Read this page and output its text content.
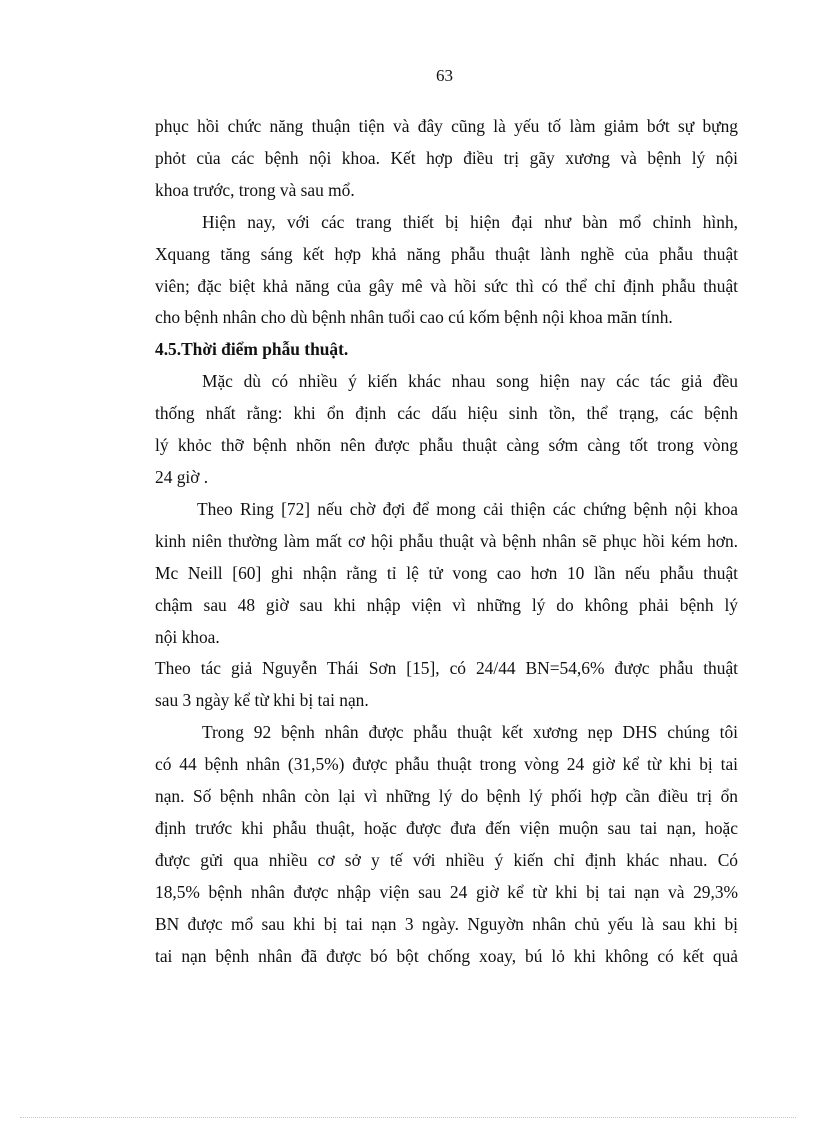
63

phục hồi chức năng thuận tiện và đây cũng là yếu tố làm giảm bớt sự bựng
phỏt của các bệnh nội khoa. Kết hợp điều trị gãy xương và bệnh lý nội
khoa trước, trong và sau mổ.

Hiện nay, với các trang thiết bị hiện đại như bàn mổ chỉnh hình,
Xquang tăng sáng kết hợp khả năng phẫu thuật lành nghề của phẫu thuật
viên; đặc biệt khả năng của gây mê và hồi sức thì có thể chỉ định phẫu thuật
cho bệnh nhân cho dù bệnh nhân tuổi cao cú kốm bệnh nội khoa mãn tính.

4.5.Thời điểm phẫu thuật.

Mặc dù có nhiều ý kiến khác nhau song hiện nay các tác giả đều
thống nhất rằng: khi ổn định các dấu hiệu sinh tồn, thể trạng, các bệnh
lý khỏc thỡ bệnh nhõn nên được phẫu thuật càng sớm càng tốt trong vòng
24 giờ .

Theo Ring [72] nếu chờ đợi để mong cải thiện các chứng bệnh nội khoa
kinh niên thường làm mất cơ hội phẫu thuật và bệnh nhân sẽ phục hồi kém hơn.
Mc Neill [60] ghi nhận rằng tỉ lệ tử vong cao hơn 10 lần nếu phẫu thuật
chậm sau 48 giờ sau khi nhập viện vì những lý do không phải bệnh lý
nội khoa.

Theo tác giả Nguyễn Thái Sơn [15], có 24/44 BN=54,6% được phẫu thuật
sau 3 ngày kể từ khi bị tai nạn.

Trong 92 bệnh nhân được phẫu thuật kết xương nẹp DHS chúng tôi
có 44 bệnh nhân (31,5%) được phẫu thuật trong vòng 24 giờ kể từ khi bị tai
nạn. Số bệnh nhân còn lại vì những lý do bệnh lý phối hợp cần điều trị ổn
định trước khi phẫu thuật, hoặc được đưa đến viện muộn sau tai nạn, hoặc
được gửi qua nhiều cơ sở y tế với nhiều ý kiến chỉ định khác nhau. Có
18,5% bệnh nhân được nhập viện sau 24 giờ kể từ khi bị tai nạn và 29,3%
BN được mổ sau khi bị tai nạn 3 ngày. Nguyờn nhân chủ yếu là sau khi bị
tai nạn bệnh nhân đã được bó bột chống xoay, bú lỏ khi không có kết quả
